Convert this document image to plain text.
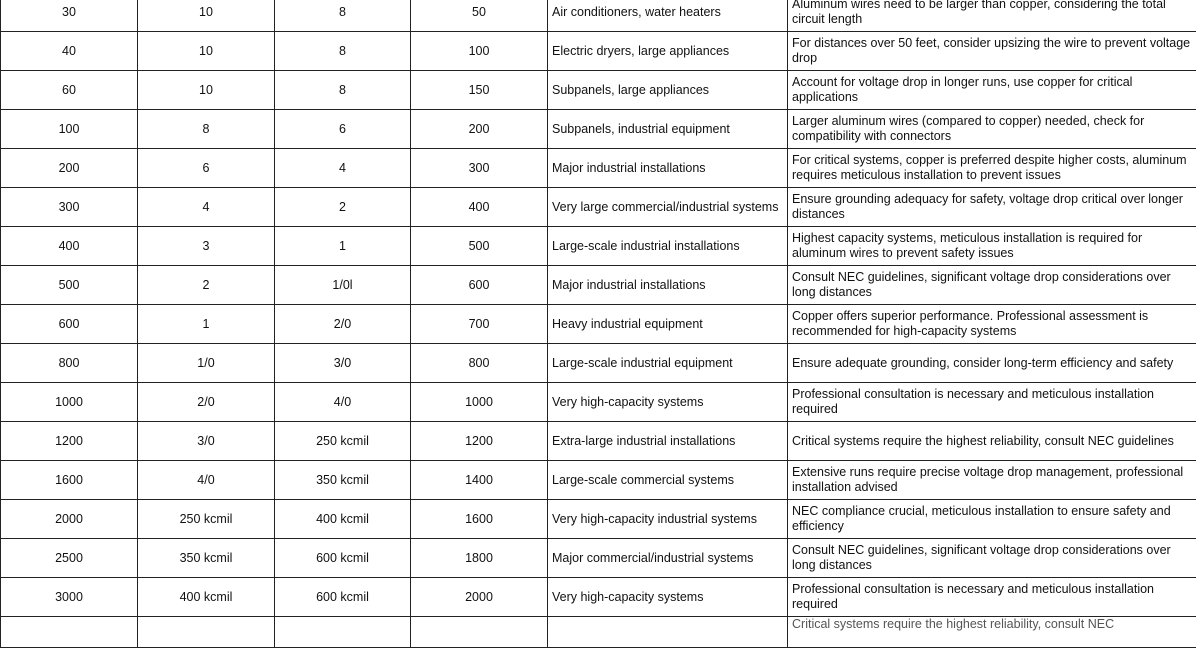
30	10	8	50	Air conditioners, water heaters	Aluminum wires need to be larger than copper, considering the total circuit length
40	10	8	100	Electric dryers, large appliances	For distances over 50 feet, consider upsizing the wire to prevent voltage drop
60	10	8	150	Subpanels, large appliances	Account for voltage drop in longer runs, use copper for critical applications
100	8	6	200	Subpanels, industrial equipment	Larger aluminum wires (compared to copper) needed, check for compatibility with connectors
200	6	4	300	Major industrial installations	For critical systems, copper is preferred despite higher costs, aluminum requires meticulous installation to prevent issues
300	4	2	400	Very large commercial/industrial systems	Ensure grounding adequacy for safety, voltage drop critical over longer distances
400	3	1	500	Large-scale industrial installations	Highest capacity systems, meticulous installation is required for aluminum wires to prevent safety issues
500	2	1/0l	600	Major industrial installations	Consult NEC guidelines, significant voltage drop considerations over long distances
600	1	2/0	700	Heavy industrial equipment	Copper offers superior performance. Professional assessment is recommended for high-capacity systems
800	1/0	3/0	800	Large-scale industrial equipment	Ensure adequate grounding, consider long-term efficiency and safety
1000	2/0	4/0	1000	Very high-capacity systems	Professional consultation is necessary and meticulous installation required
1200	3/0	250 kcmil	1200	Extra-large industrial installations	Critical systems require the highest reliability, consult NEC guidelines
1600	4/0	350 kcmil	1400	Large-scale commercial systems	Extensive runs require precise voltage drop management, professional installation advised
2000	250 kcmil	400 kcmil	1600	Very high-capacity industrial systems	NEC compliance crucial, meticulous installation to ensure safety and efficiency
2500	350 kcmil	600 kcmil	1800	Major commercial/industrial systems	Consult NEC guidelines, significant voltage drop considerations over long distances
3000	400 kcmil	600 kcmil	2000	Very high-capacity systems	Professional consultation is necessary and meticulous installation required
					Critical systems require the highest reliability, consult NEC
